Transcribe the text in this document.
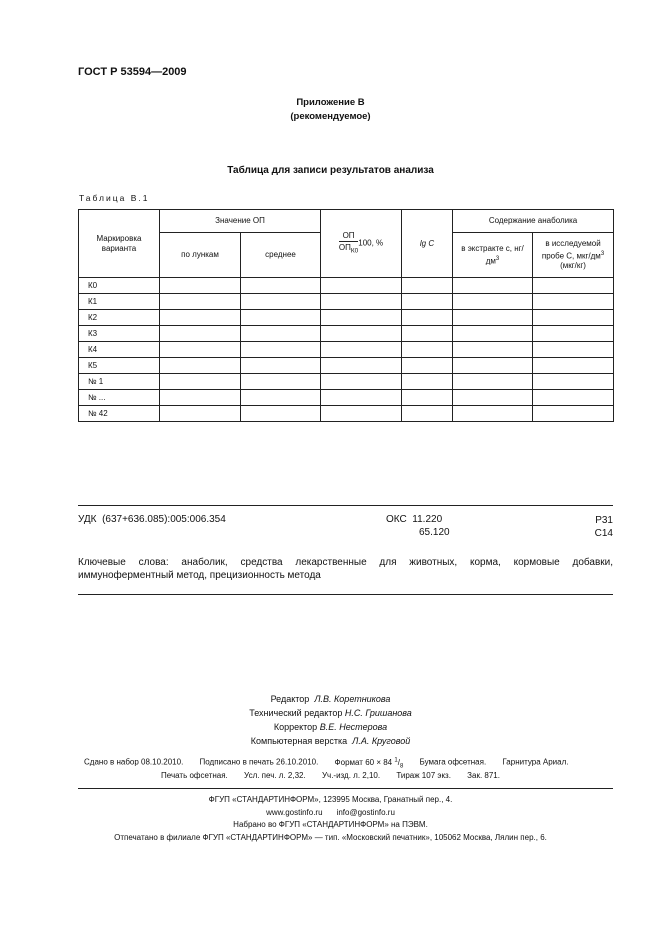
ГОСТ Р 53594—2009
Приложение В
(рекомендуемое)
Таблица для записи результатов анализа
Таблица В.1
Маркировка варианта	Значение ОП		$\frac{ОП}{ОП_{К0}} 100$, %	lg C	Содержание анаболика	
	по лункам	среднее			в экстракте c, $нг/дм^3$	в исследуемой пробе С, мкг/$дм^3$
(мкг/кг)
К0						
К1						
К2						
К3						
К4						
К5						
№ 1						
№ ...						
№ 42						
УДК (637+636.085):005:006.354	ОКС 11.220
65.120
Р31
С14
Ключевые слова: анаболик, средства лекарственные для животных, корма, кормовые добавки, иммуноферментный метод, прецизионность метода
Редактор Л.В. Коретникова
Технический редактор Н.С. Гришанова
Корректор В.Е. Нестерова
Компьютерная верстка Л.А. Круговой
Сдано в набор 08.10.2010. Подписано в печать 26.10.2010. Формат 60 × 84 $^1/_8$ Бумага офсетная. Гарнитура Ариал.
Печать офсетная. Усл. печ. л. 2,32. Уч.-изд. л. 2,10. Тираж 107 экз. Зак. 871.
ФГУП «СТАНДАРТИНФОРМ», 123995 Москва, Гранатный пер., 4.
www.gostinfo.ru info@gostinfo.ru
Набрано во ФГУП «СТАНДАРТИНФОРМ» на ПЭВМ.
Отпечатано в филиале ФГУП «СТАНДАРТИНФОРМ» — тип. «Московский печатник», 105062 Москва, Лялин пер., 6.
